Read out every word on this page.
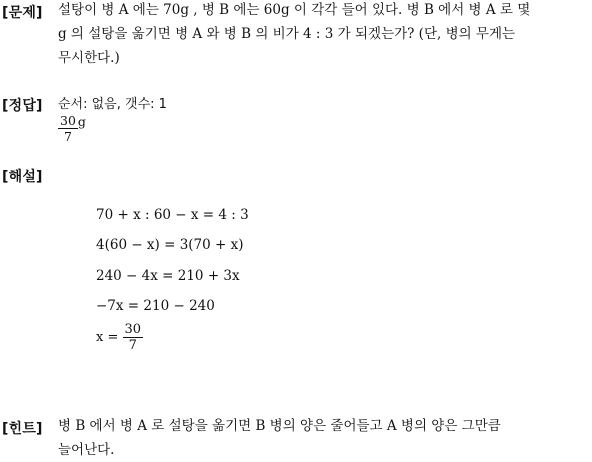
[문제] 설탕이 병 A 에는 70g , 병 B 에는 60g 이 각각 들어 있다. 병 B 에서 병 A 로 몇
g 의 설탕을 옮기면 병 A 와 병 B 의 비가 4 : 3 가 되겠는가? (단, 병의 무게는
무시한다.)
[정답] 순서: 없음, 갯수: 1
$\frac{30}{7}$ g
[해설]
70 + x : 60 − x = 4 : 3
4(60 − x) = 3(70 + x)
240 − 4x = 210 + 3x
−7x = 210 − 240
$x = \frac{30}{7}$
[힌트] 병 B 에서 병 A 로 설탕을 옮기면 B 병의 양은 줄어들고 A 병의 양은 그만큼
늘어난다.
